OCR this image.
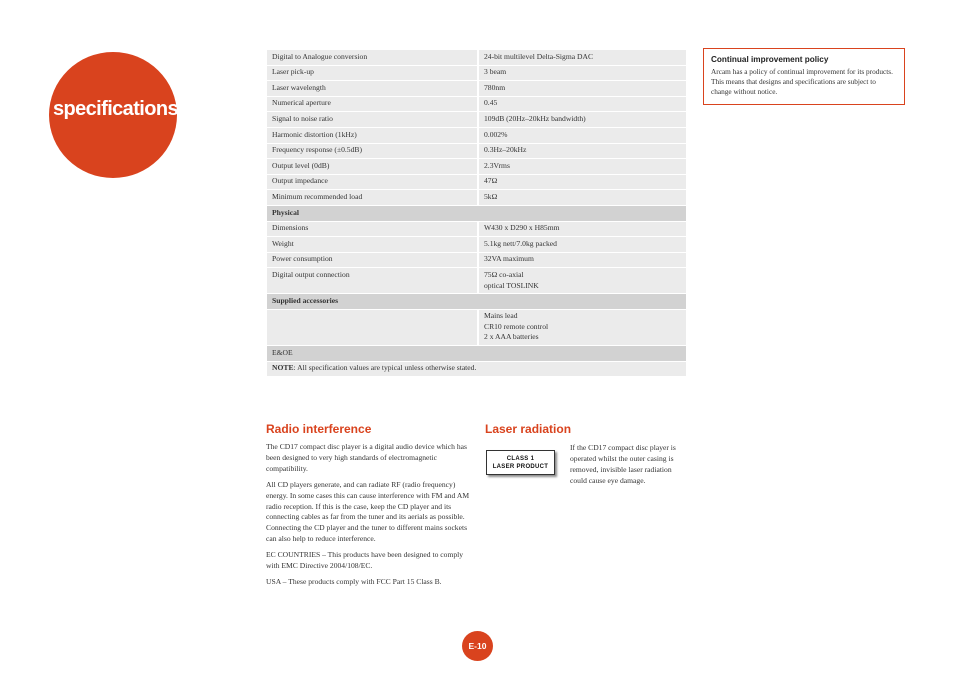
specifications
Digital to Analogue conversion	24-bit multilevel Delta-Sigma DAC
Laser pick-up	3 beam
Laser wavelength	780nm
Numerical aperture	0.45
Signal to noise ratio	109dB (20Hz–20kHz bandwidth)
Harmonic distortion (1kHz)	0.002%
Frequency response (±0.5dB)	0.3Hz–20kHz
Output level (0dB)	2.3Vrms
Output impedance	47Ω
Minimum recommended load	5kΩ
Physical	
Dimensions	W430 x D290 x H85mm
Weight	5.1kg nett/7.0kg packed
Power consumption	32VA maximum
Digital output connection	75Ω co-axial
optical TOSLINK

Supplied accessories	

	Mains lead
CR10 remote control
2 x AAA batteries

E&OE	
NOTE: All specification values are typical unless otherwise stated.	
Continual improvement policy
Arcam has a policy of continual improvement for its products. This means that designs and specifications are subject to change without notice.
Radio interference

The CD17 compact disc player is a digital audio device which has been designed to very high standards of electromagnetic compatibility.

All CD players generate, and can radiate RF (radio frequency) energy. In some cases this can cause interference with FM and AM radio reception. If this is the case, keep the CD player and its connecting cables as far from the tuner and its aerials as possible. Connecting the CD player and the tuner to different mains sockets can also help to reduce interference.

EC COUNTRIES – This products have been designed to comply with EMC Directive 2004/108/EC.

USA – These products comply with FCC Part 15 Class B.

Laser radiation
CLASS 1
LASER PRODUCT

If the CD17 compact disc player is operated whilst the outer casing is removed, invisible laser radiation could cause eye damage.

E-10
